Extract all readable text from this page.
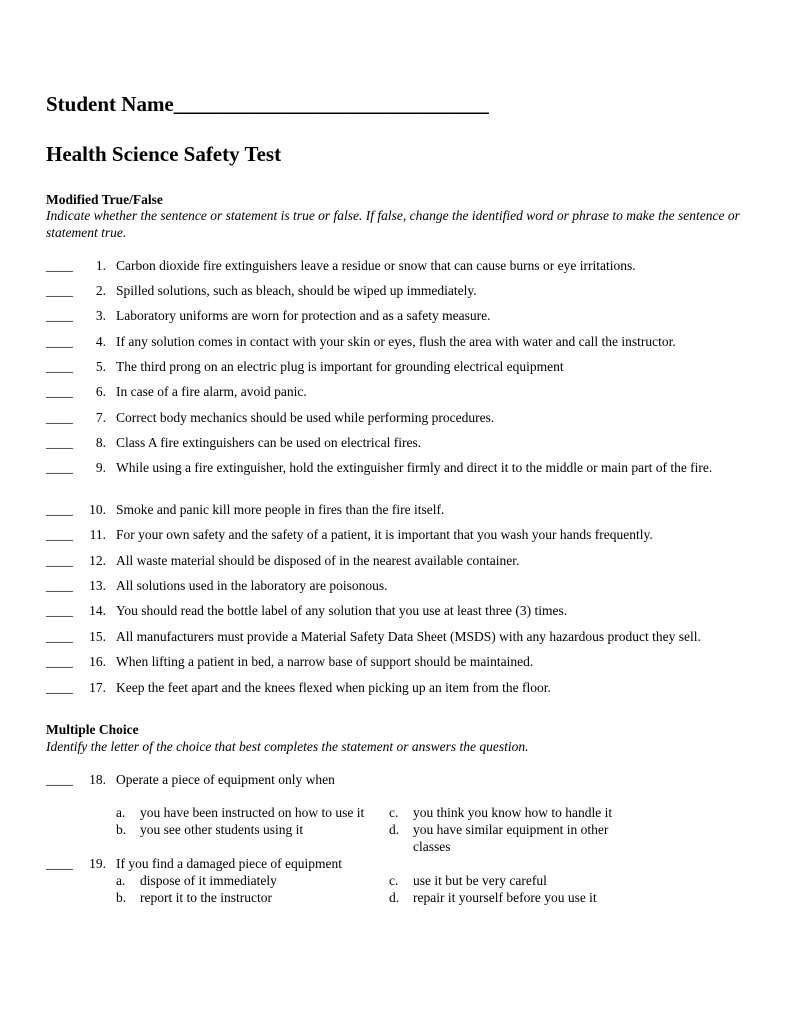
Student Name______________________________
Health Science Safety Test
Modified True/False
Indicate whether the sentence or statement is true or false. If false, change the identified word or phrase to make the sentence or statement true.
____	1. Carbon dioxide fire extinguishers leave a residue or snow that can cause burns or eye irritations.
____	2. Spilled solutions, such as bleach, should be wiped up immediately.
____	3. Laboratory uniforms are worn for protection and as a safety measure.
____	4. If any solution comes in contact with your skin or eyes, flush the area with water and call the instructor.
____	5. The third prong on an electric plug is important for grounding electrical equipment
____	6. In case of a fire alarm, avoid panic.
____	7. Correct body mechanics should be used while performing procedures.
____	8. Class A fire extinguishers can be used on electrical fires.
____	9. While using a fire extinguisher, hold the extinguisher firmly and direct it to the middle or main part of the fire.
____	10. Smoke and panic kill more people in fires than the fire itself.
____	11. For your own safety and the safety of a patient, it is important that you wash your hands frequently.
____	12. All waste material should be disposed of in the nearest available container.
____	13. All solutions used in the laboratory are poisonous.
____	14. You should read the bottle label of any solution that you use at least three (3) times.
____	15. All manufacturers must provide a Material Safety Data Sheet (MSDS) with any hazardous product they sell.
____	16. When lifting a patient in bed, a narrow base of support should be maintained.
____	17. Keep the feet apart and the knees flexed when picking up an item from the floor.
Multiple Choice
Identify the letter of the choice that best completes the statement or answers the question.
____	18. Operate a piece of equipment only when
a. you have been instructed on how to use it
b. you see other students using it
c. you think you know how to handle it
d. you have similar equipment in other classes
____	19. If you find a damaged piece of equipment
a. dispose of it immediately
b. report it to the instructor
c. use it but be very careful
d. repair it yourself before you use it
